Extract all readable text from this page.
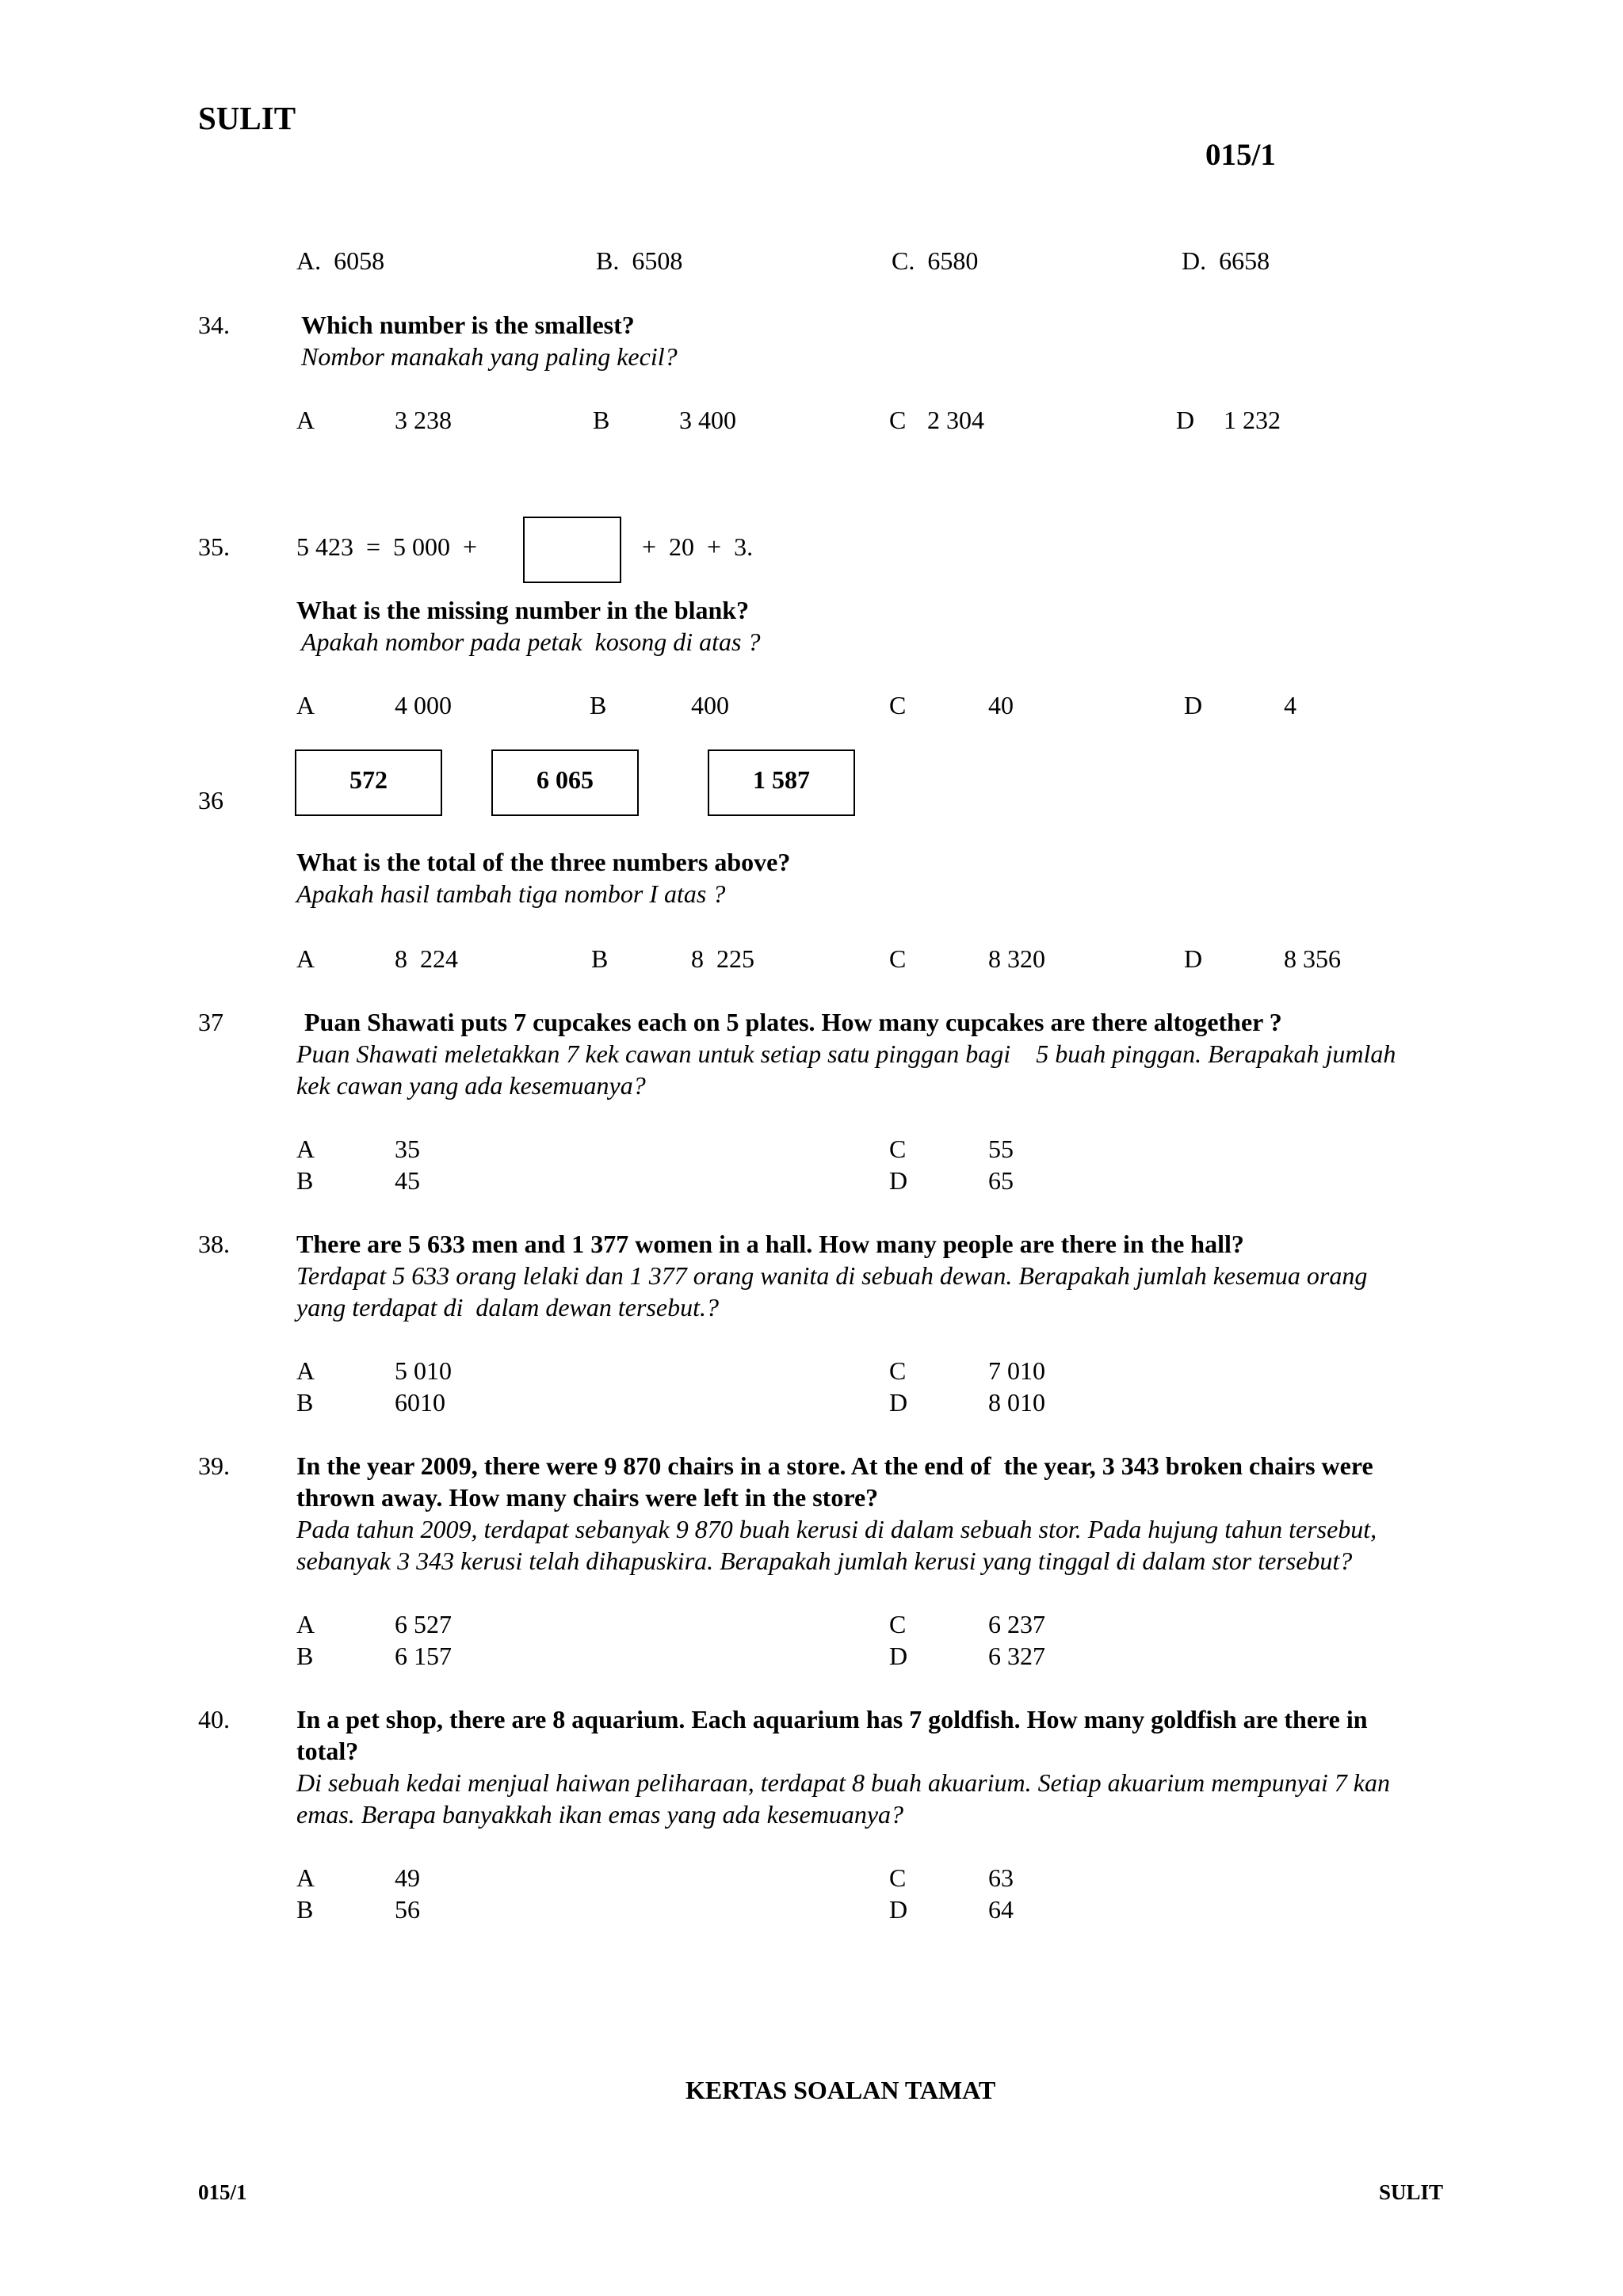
SULIT
015/1
A. 6058	B. 6508	C. 6580	D. 6658
34.	Which number is the smallest?
Nombor manakah yang paling kecil?
A	3 238	B	3 400	C 2 304	D 1 232
35.	5 423  =  5 000  +	+  20  +  3.
What is the missing number in the blank?
Apakah nombor pada petak  kosong di atas ?
A	4 000	B	400	C	40	D	4
36
572	6 065	1 587
What is the total of the three numbers above?
Apakah hasil tambah tiga nombor I atas ?
A	8  224	B	8  225	C	8 320	D	8 356
37	Puan Shawati puts 7 cupcakes each on 5 plates. How many cupcakes are there altogether ?
Puan Shawati meletakkan 7 kek cawan untuk setiap satu pinggan bagi    5 buah pinggan. Berapakah jumlah
kek cawan yang ada kesemuanya?
A	35	C	55
B	45	D	65
38.	There are 5 633 men and 1 377 women in a hall. How many people are there in the hall?
Terdapat 5 633 orang lelaki dan 1 377 orang wanita di sebuah dewan. Berapakah jumlah kesemua orang
yang terdapat di  dalam dewan tersebut.?
A	5 010	C	7 010
B	6010	D	8 010
39.	In the year 2009, there were 9 870 chairs in a store. At the end of  the year, 3 343 broken chairs were
thrown away. How many chairs were left in the store?
Pada tahun 2009, terdapat sebanyak 9 870 buah kerusi di dalam sebuah stor. Pada hujung tahun tersebut,
sebanyak 3 343 kerusi telah dihapuskira. Berapakah jumlah kerusi yang tinggal di dalam stor tersebut?
A	6 527	C	6 237
B	6 157	D	6 327
40.	In a pet shop, there are 8 aquarium. Each aquarium has 7 goldfish. How many goldfish are there in
total?
Di sebuah kedai menjual haiwan peliharaan, terdapat 8 buah akuarium. Setiap akuarium mempunyai 7 kan
emas. Berapa banyakkah ikan emas yang ada kesemuanya?
A	49	C	63
B	56	D	64
KERTAS SOALAN TAMAT
015/1	SULIT
